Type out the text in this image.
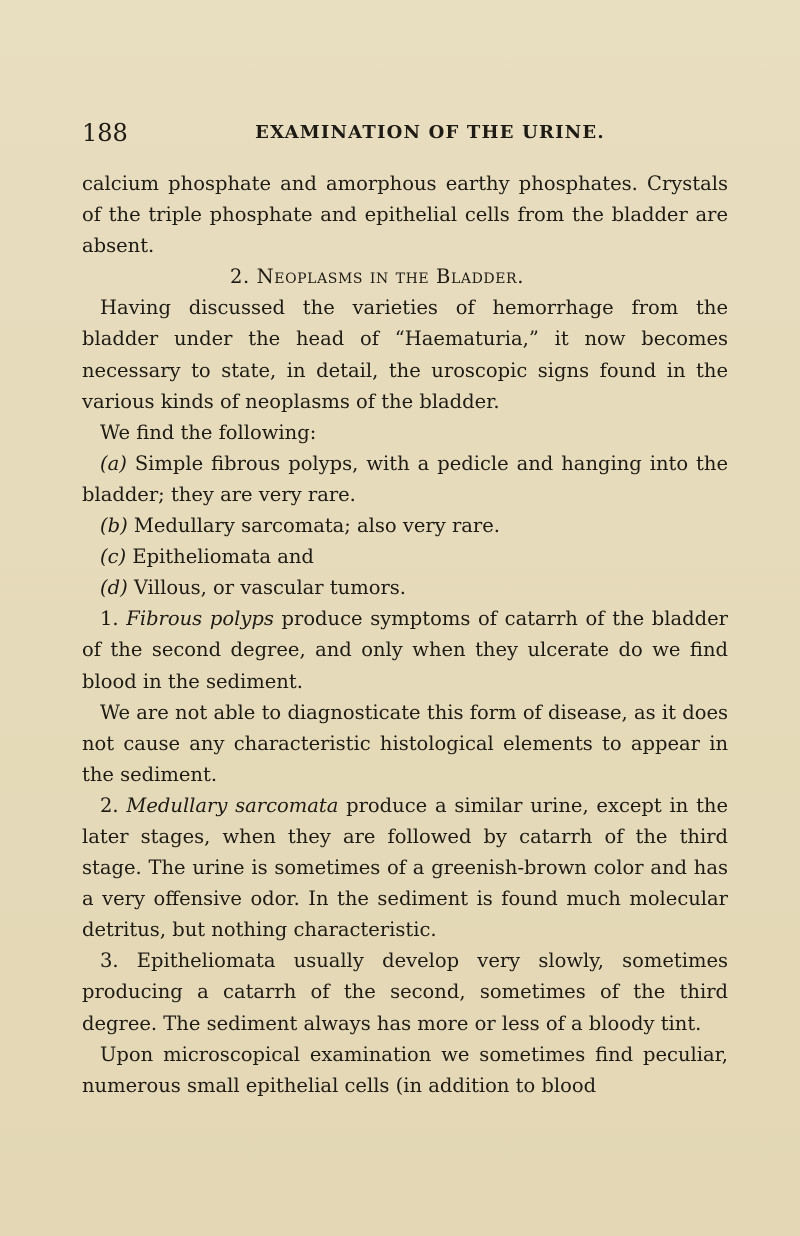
188	EXAMINATION OF THE URINE.

calcium phosphate and amorphous earthy phosphates. Crystals of the triple phosphate and epithelial cells from the bladder are absent.

2. Neoplasms in the Bladder.

Having discussed the varieties of hemorrhage from the bladder under the head of “Haematuria,” it now becomes necessary to state, in detail, the uroscopic signs found in the various kinds of neoplasms of the bladder.

We find the following:

(a) Simple fibrous polyps, with a pedicle and hanging into the bladder; they are very rare.

(b) Medullary sarcomata; also very rare.

(c) Epitheliomata and

(d) Villous, or vascular tumors.

1. Fibrous polyps produce symptoms of catarrh of the bladder of the second degree, and only when they ulcerate do we find blood in the sediment.

We are not able to diagnosticate this form of disease, as it does not cause any characteristic histological elements to appear in the sediment.

2. Medullary sarcomata produce a similar urine, except in the later stages, when they are followed by catarrh of the third stage. The urine is sometimes of a greenish-brown color and has a very offensive odor. In the sediment is found much molecular detritus, but nothing characteristic.

3. Epitheliomata usually develop very slowly, sometimes producing a catarrh of the second, sometimes of the third degree. The sediment always has more or less of a bloody tint.

Upon microscopical examination we sometimes find peculiar, numerous small epithelial cells (in addition to blood
